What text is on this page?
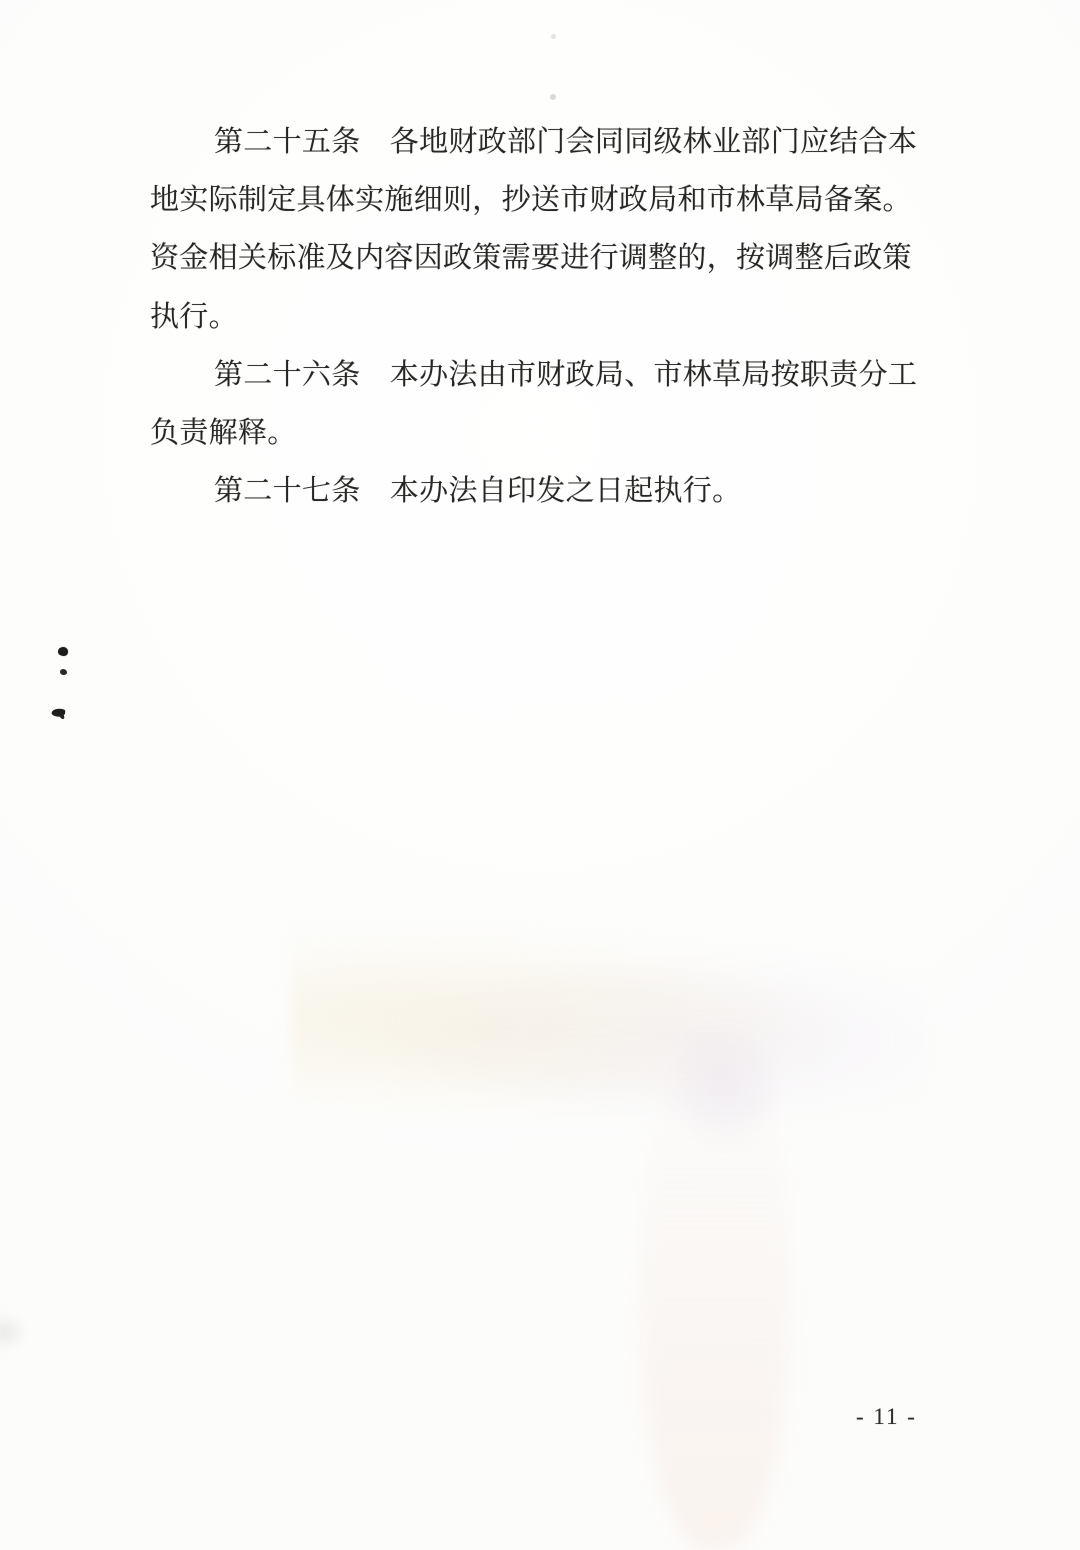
第二十五条　各地财政部门会同同级林业部门应结合本
地实际制定具体实施细则，抄送市财政局和市林草局备案。
资金相关标准及内容因政策需要进行调整的，按调整后政策
执行。
第二十六条　本办法由市财政局、市林草局按职责分工
负责解释。
第二十七条　本办法自印发之日起执行。
- 11 -
